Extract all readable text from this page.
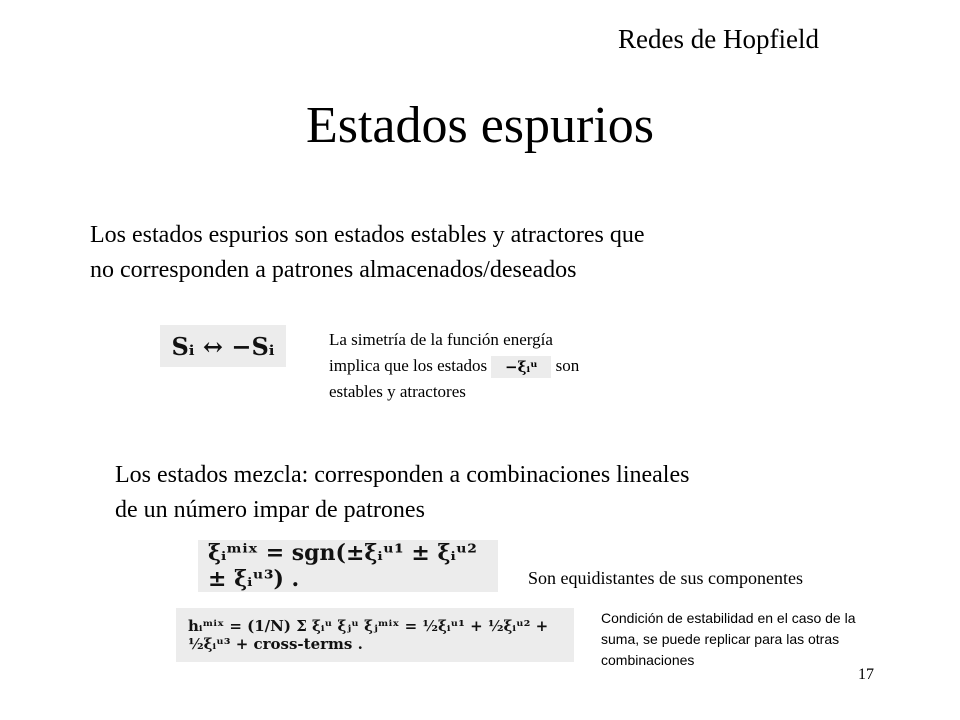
Redes de Hopfield
Estados espurios
Los estados espurios son estados estables y atractores que
no corresponden a patrones almacenados/deseados
Sᵢ ↔ −Sᵢ	La simetría de la función energía
implica que los estados −ξᵢᵘ son
estables y atractores
Los estados mezcla: corresponden a combinaciones lineales
de un número impar de patrones
ξᵢᵐⁱˣ = sgn(±ξᵢᵘ¹ ± ξᵢᵘ² ± ξᵢᵘ³) .	Son equidistantes de sus componentes
hᵢᵐⁱˣ = (1/N) Σ ξᵢᵘ ξⱼᵘ ξⱼᵐⁱˣ = ½ξᵢᵘ¹ + ½ξᵢᵘ² + ½ξᵢᵘ³ + cross-terms .
Condición de estabilidad en el caso de la
suma, se puede replicar para las otras
combinaciones
17
